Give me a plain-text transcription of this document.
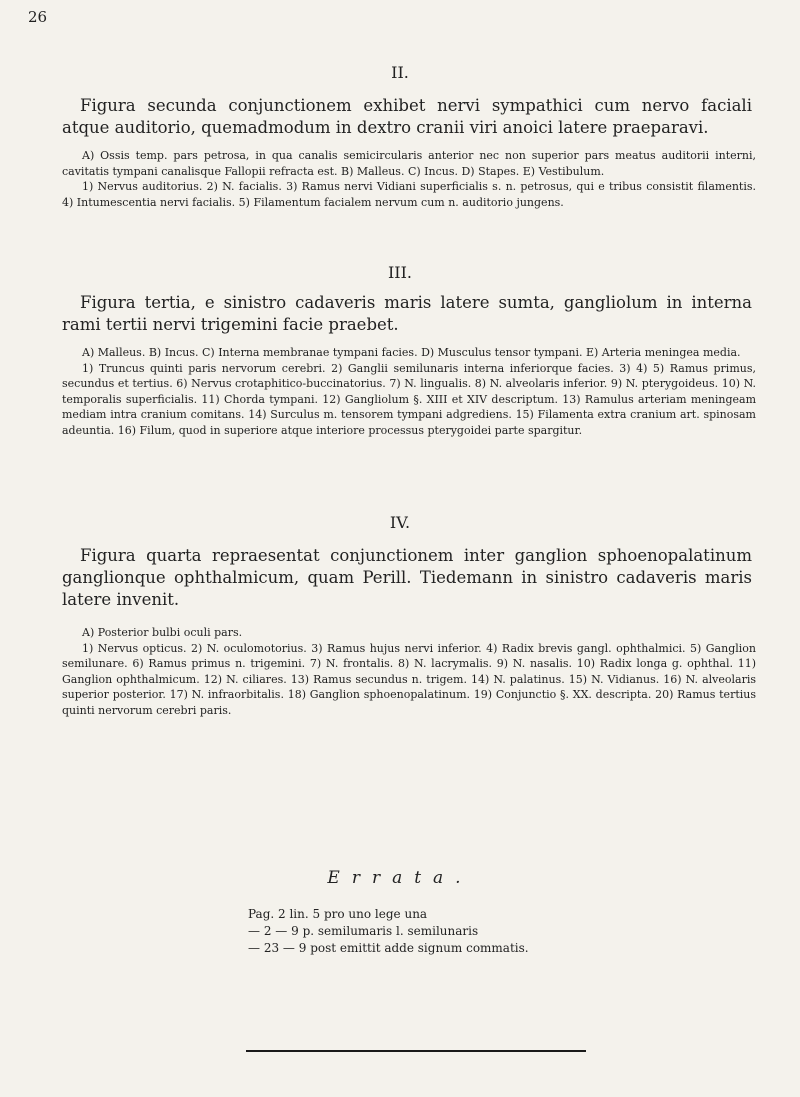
26
II.

Figura secunda conjunctionem exhibet nervi sympathici cum nervo faciali atque auditorio, quemadmodum in dextro cranii viri anoici latere praeparavi.

A) Ossis temp. pars petrosa, in qua canalis semicircularis anterior nec non superior pars meatus auditorii interni, cavitatis tympani canalisque Fallopii refracta est. B) Malleus. C) Incus. D) Stapes. E) Vestibulum.

1) Nervus auditorius. 2) N. facialis. 3) Ramus nervi Vidiani superficialis s. n. petrosus, qui e tribus consistit filamentis. 4) Intumescentia nervi facialis. 5) Filamentum facialem nervum cum n. auditorio jungens.

III.

Figura tertia, e sinistro cadaveris maris latere sumta, gangliolum in interna rami tertii nervi trigemini facie praebet.

A) Malleus. B) Incus. C) Interna membranae tympani facies. D) Musculus tensor tympani. E) Arteria meningea media.

1) Truncus quinti paris nervorum cerebri. 2) Ganglii semilunaris interna inferiorque facies. 3) 4) 5) Ramus primus, secundus et tertius. 6) Nervus crotaphitico-buccinatorius. 7) N. lingualis. 8) N. alveolaris inferior. 9) N. pterygoideus. 10) N. temporalis superficialis. 11) Chorda tympani. 12) Gangliolum §. XIII et XIV descriptum. 13) Ramulus arteriam meningeam mediam intra cranium comitans. 14) Surculus m. tensorem tympani adgrediens. 15) Filamenta extra cranium art. spinosam adeuntia. 16) Filum, quod in superiore atque interiore processus pterygoidei parte spargitur.

IV.

Figura quarta repraesentat conjunctionem inter ganglion sphoenopalatinum ganglionque ophthalmicum, quam Perill. Tiedemann in sinistro cadaveris maris latere invenit.

A) Posterior bulbi oculi pars.

1) Nervus opticus. 2) N. oculomotorius. 3) Ramus hujus nervi inferior. 4) Radix brevis gangl. ophthalmici. 5) Ganglion semilunare. 6) Ramus primus n. trigemini. 7) N. frontalis. 8) N. lacrymalis. 9) N. nasalis. 10) Radix longa g. ophthal. 11) Ganglion ophthalmicum. 12) N. ciliares. 13) Ramus secundus n. trigem. 14) N. palatinus. 15) N. Vidianus. 16) N. alveolaris superior posterior. 17) N. infraorbitalis. 18) Ganglion sphoenopalatinum. 19) Conjunctio §. XX. descripta. 20) Ramus tertius quinti nervorum cerebri paris.

Errata.
Pag. 2 lin. 5 pro uno lege una
— 2 — 9 p. semilumaris l. semilunaris
— 23 — 9 post emittit adde signum commatis.
